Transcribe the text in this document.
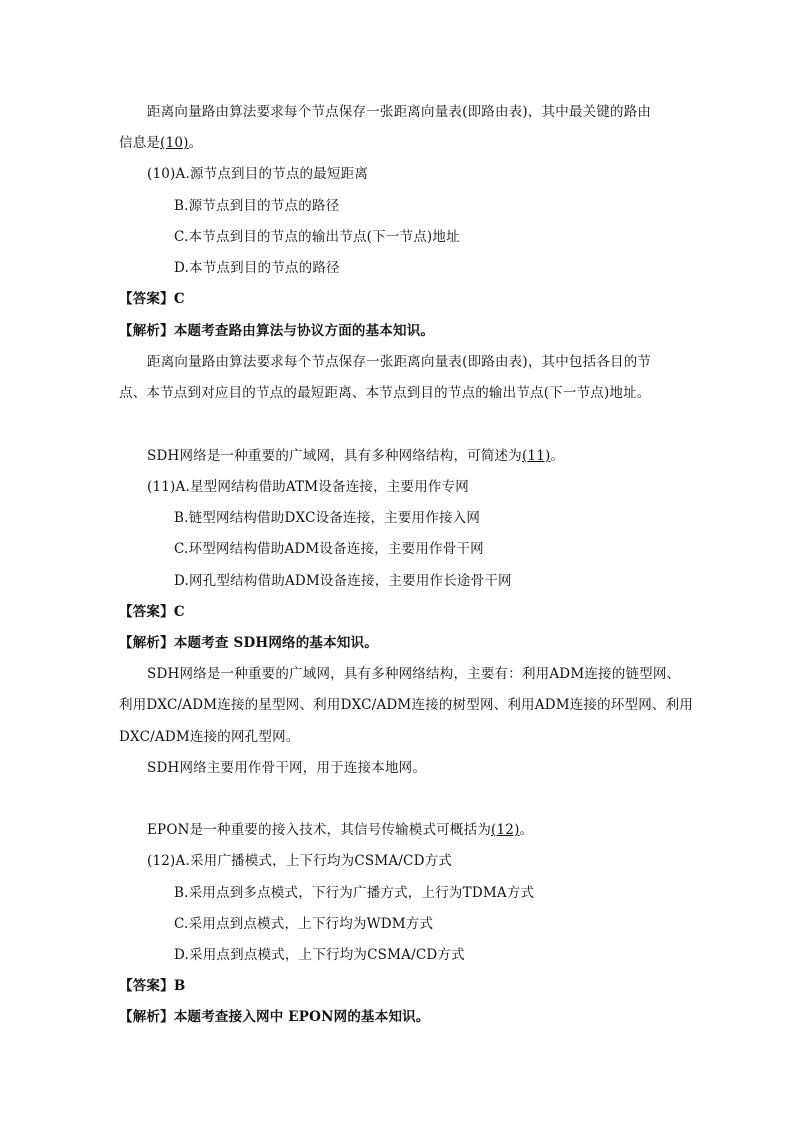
距离向量路由算法要求每个节点保存一张距离向量表(即路由表)，其中最关键的路由
信息是(10)。
(10)A.源节点到目的节点的最短距离
B.源节点到目的节点的路径
C.本节点到目的节点的输出节点(下一节点)地址
D.本节点到目的节点的路径
【答案】C
【解析】本题考查路由算法与协议方面的基本知识。
距离向量路由算法要求每个节点保存一张距离向量表(即路由表)，其中包括各目的节
点、本节点到对应目的节点的最短距离、本节点到目的节点的输出节点(下一节点)地址。
SDH网络是一种重要的广域网，具有多种网络结构，可简述为(11)。
(11)A.星型网结构借助ATM设备连接，主要用作专网
B.链型网结构借助DXC设备连接，主要用作接入网
C.环型网结构借助ADM设备连接，主要用作骨干网
D.网孔型结构借助ADM设备连接，主要用作长途骨干网
【答案】C
【解析】本题考查 SDH网络的基本知识。
SDH网络是一种重要的广域网，具有多种网络结构，主要有：利用ADM连接的链型网、
利用DXC/ADM连接的星型网、利用DXC/ADM连接的树型网、利用ADM连接的环型网、利用
DXC/ADM连接的网孔型网。
SDH网络主要用作骨干网，用于连接本地网。
EPON是一种重要的接入技术，其信号传输模式可概括为(12)。
(12)A.采用广播模式，上下行均为CSMA/CD方式
B.采用点到多点模式，下行为广播方式，上行为TDMA方式
C.采用点到点模式，上下行均为WDM方式
D.采用点到点模式，上下行均为CSMA/CD方式
【答案】B
【解析】本题考查接入网中 EPON网的基本知识。
